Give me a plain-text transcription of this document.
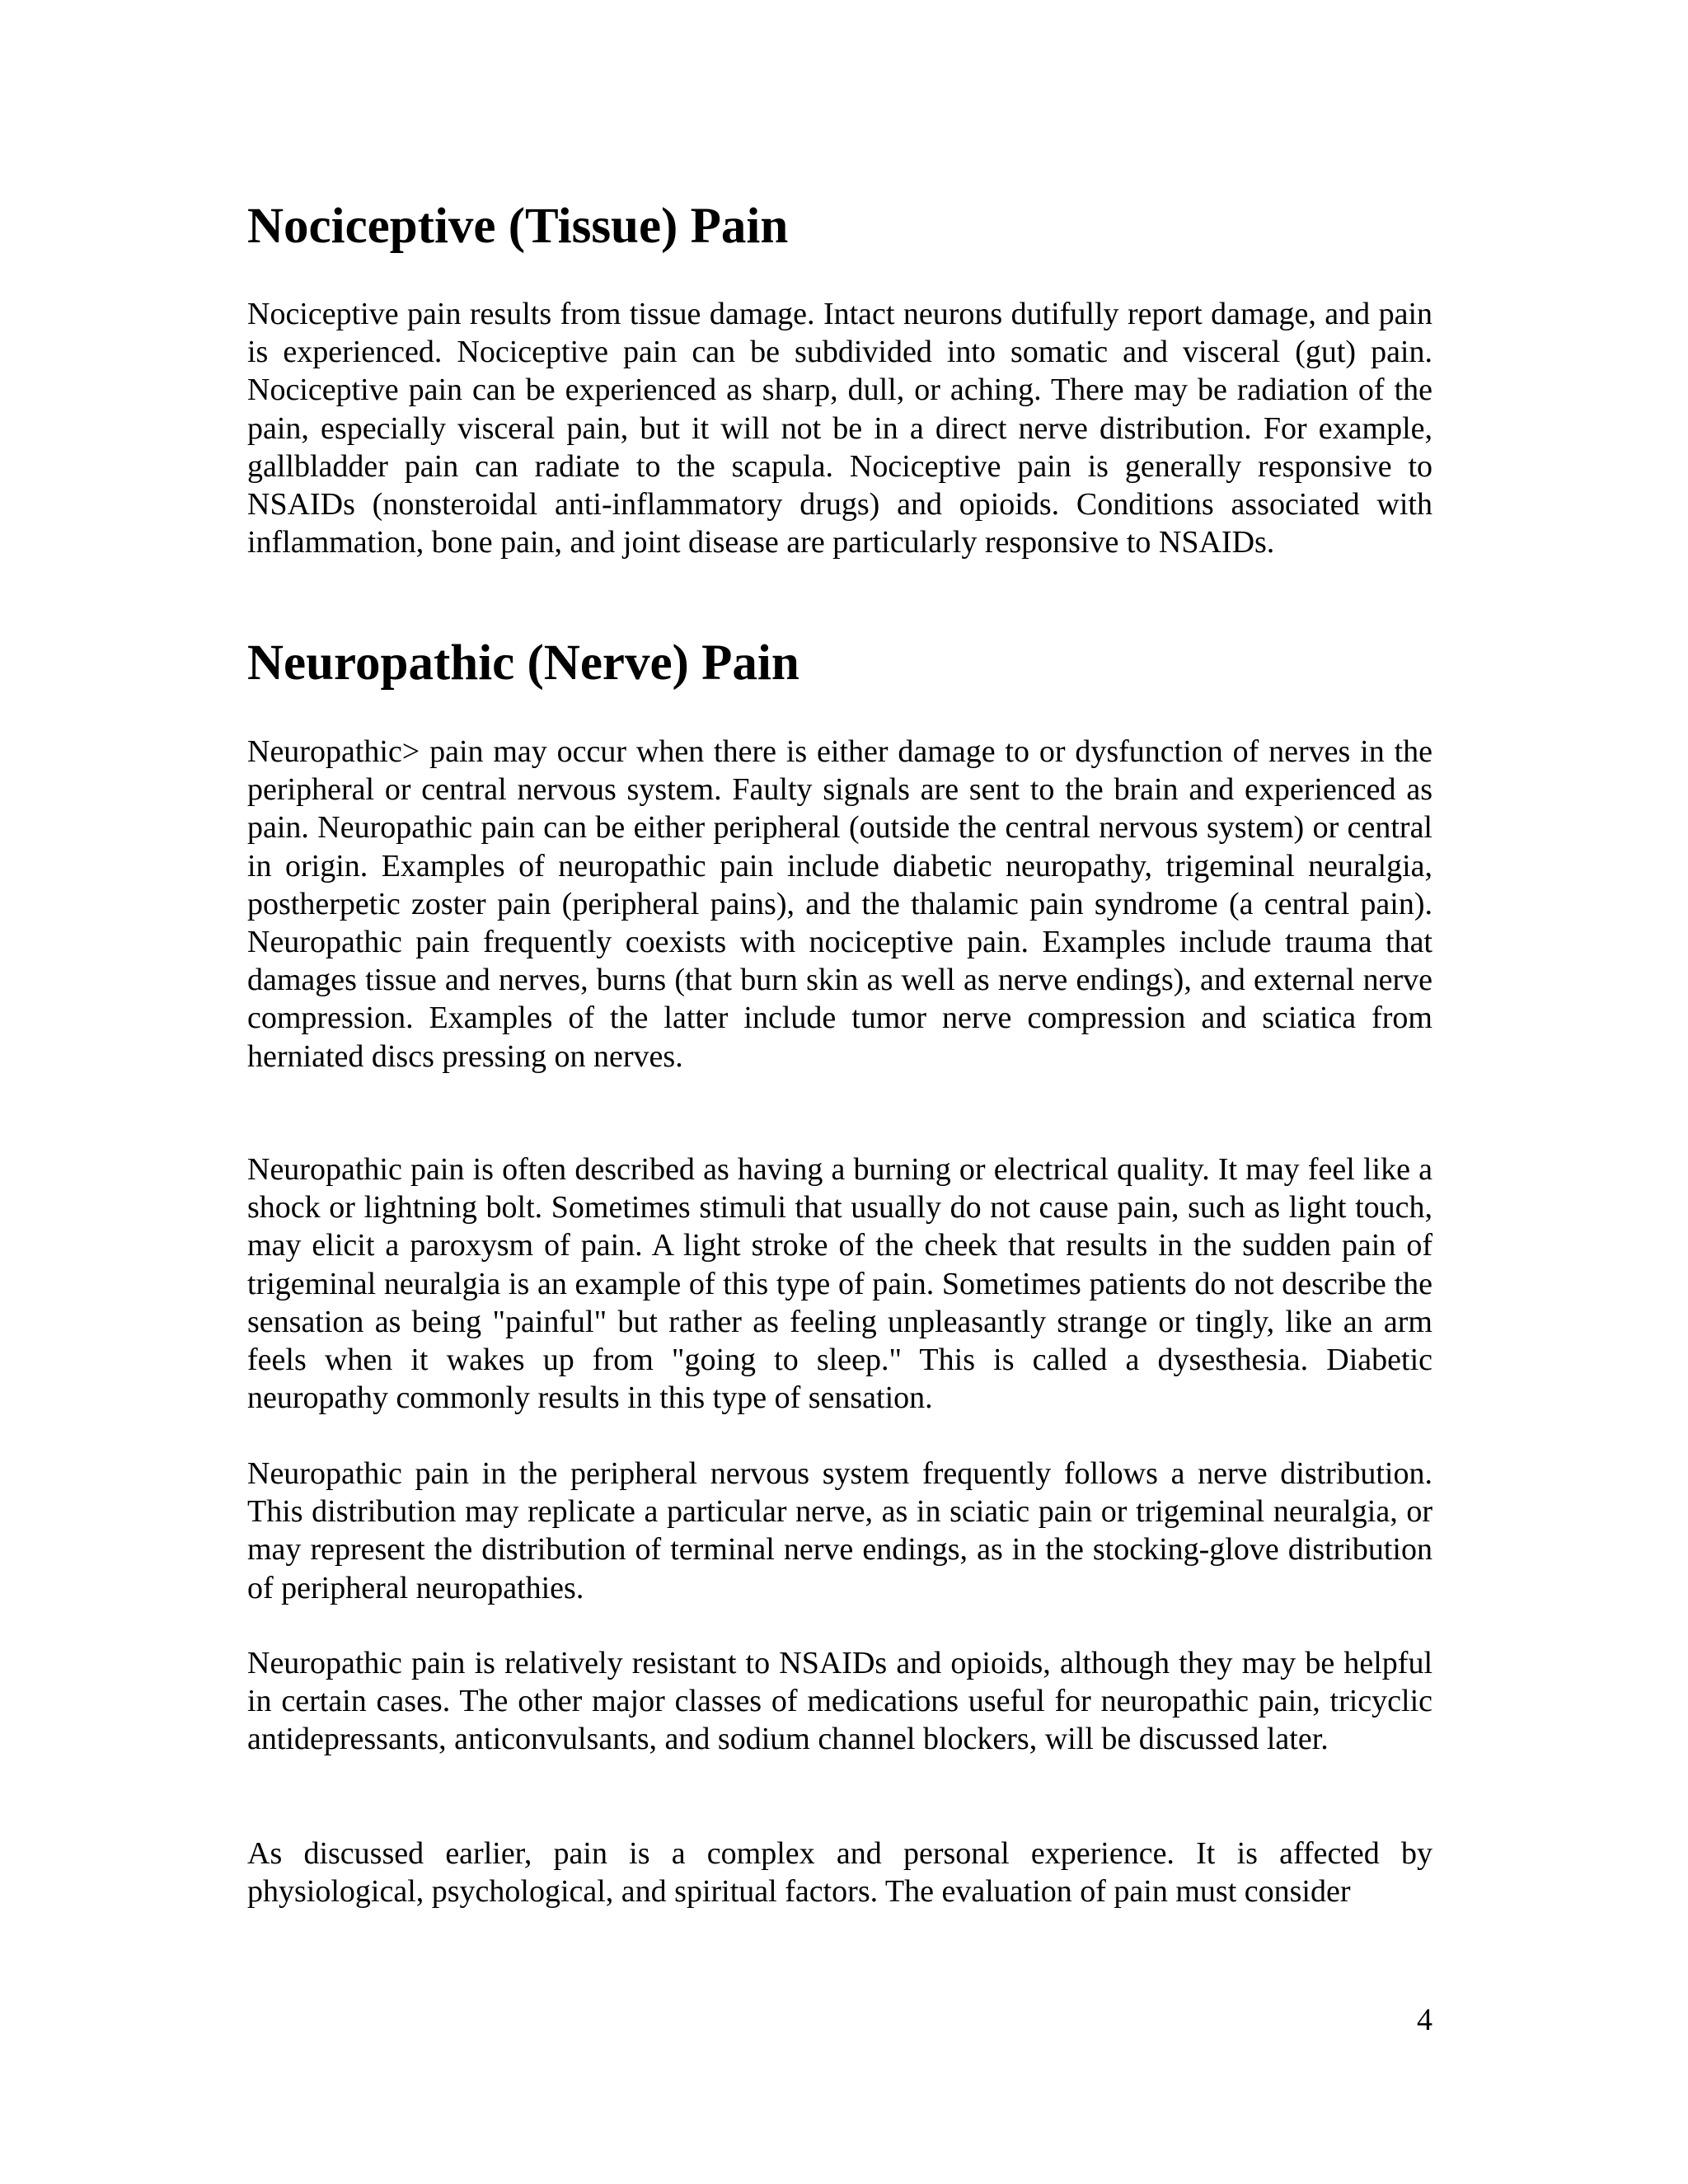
Nociceptive (Tissue) Pain

Nociceptive pain results from tissue damage. Intact neurons dutifully report damage, and pain is experienced. Nociceptive pain can be subdivided into somatic and visceral (gut) pain. Nociceptive pain can be experienced as sharp, dull, or aching. There may be radiation of the pain, especially visceral pain, but it will not be in a direct nerve distribution. For example, gallbladder pain can radiate to the scapula. Nociceptive pain is generally responsive to NSAIDs (nonsteroidal anti-inflammatory drugs) and opioids. Conditions associated with inflammation, bone pain, and joint disease are particularly responsive to NSAIDs.

Neuropathic (Nerve) Pain

Neuropathic> pain may occur when there is either damage to or dysfunction of nerves in the peripheral or central nervous system. Faulty signals are sent to the brain and experienced as pain. Neuropathic pain can be either peripheral (outside the central nervous system) or central in origin. Examples of neuropathic pain include diabetic neuropathy, trigeminal neuralgia, postherpetic zoster pain (peripheral pains), and the thalamic pain syndrome (a central pain). Neuropathic pain frequently coexists with nociceptive pain. Examples include trauma that damages tissue and nerves, burns (that burn skin as well as nerve endings), and external nerve compression. Examples of the latter include tumor nerve compression and sciatica from herniated discs pressing on nerves.

Neuropathic pain is often described as having a burning or electrical quality. It may feel like a shock or lightning bolt. Sometimes stimuli that usually do not cause pain, such as light touch, may elicit a paroxysm of pain. A light stroke of the cheek that results in the sudden pain of trigeminal neuralgia is an example of this type of pain. Sometimes patients do not describe the sensation as being "painful" but rather as feeling unpleasantly strange or tingly, like an arm feels when it wakes up from "going to sleep." This is called a dysesthesia. Diabetic neuropathy commonly results in this type of sensation.

Neuropathic pain in the peripheral nervous system frequently follows a nerve distribution. This distribution may replicate a particular nerve, as in sciatic pain or trigeminal neuralgia, or may represent the distribution of terminal nerve endings, as in the stocking-glove distribution of peripheral neuropathies.

Neuropathic pain is relatively resistant to NSAIDs and opioids, although they may be helpful in certain cases. The other major classes of medications useful for neuropathic pain, tricyclic antidepressants, anticonvulsants, and sodium channel blockers, will be discussed later.

As discussed earlier, pain is a complex and personal experience. It is affected by physiological, psychological, and spiritual factors. The evaluation of pain must consider

4
